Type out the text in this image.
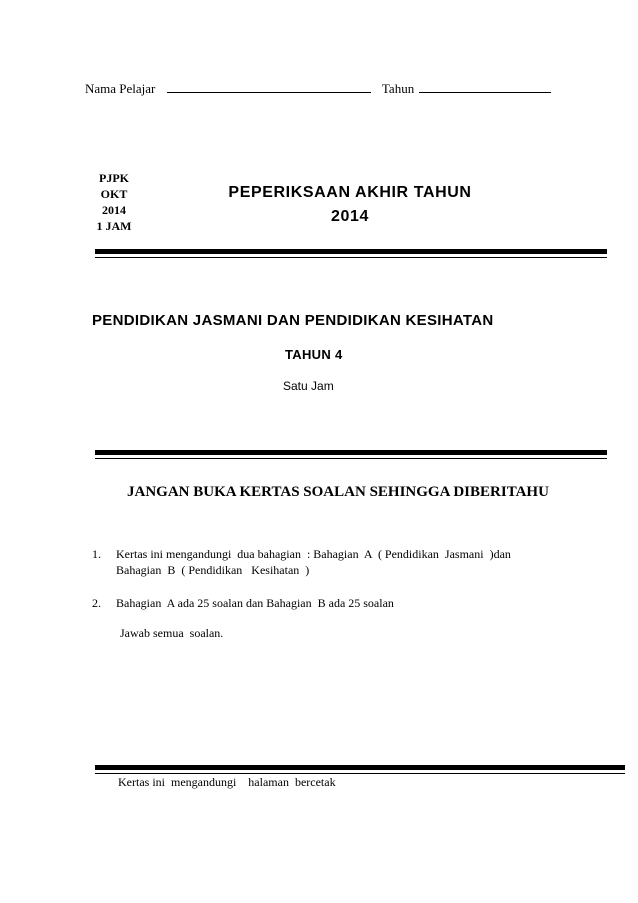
Nama Pelajar	Tahun
PJPK
OKT
2014
1 JAM
PEPERIKSAAN AKHIR TAHUN
2014
PENDIDIKAN JASMANI DAN PENDIDIKAN KESIHATAN
TAHUN 4
Satu Jam
JANGAN BUKA KERTAS SOALAN SEHINGGA DIBERITAHU
1. Kertas ini mengandungi  dua bahagian  : Bahagian  A  ( Pendidikan  Jasmani  )dan
Bahagian  B  ( Pendidikan   Kesihatan  )
2. Bahagian  A ada 25 soalan dan Bahagian  B ada 25 soalan
Jawab semua  soalan.
Kertas ini  mengandungi    halaman  bercetak
